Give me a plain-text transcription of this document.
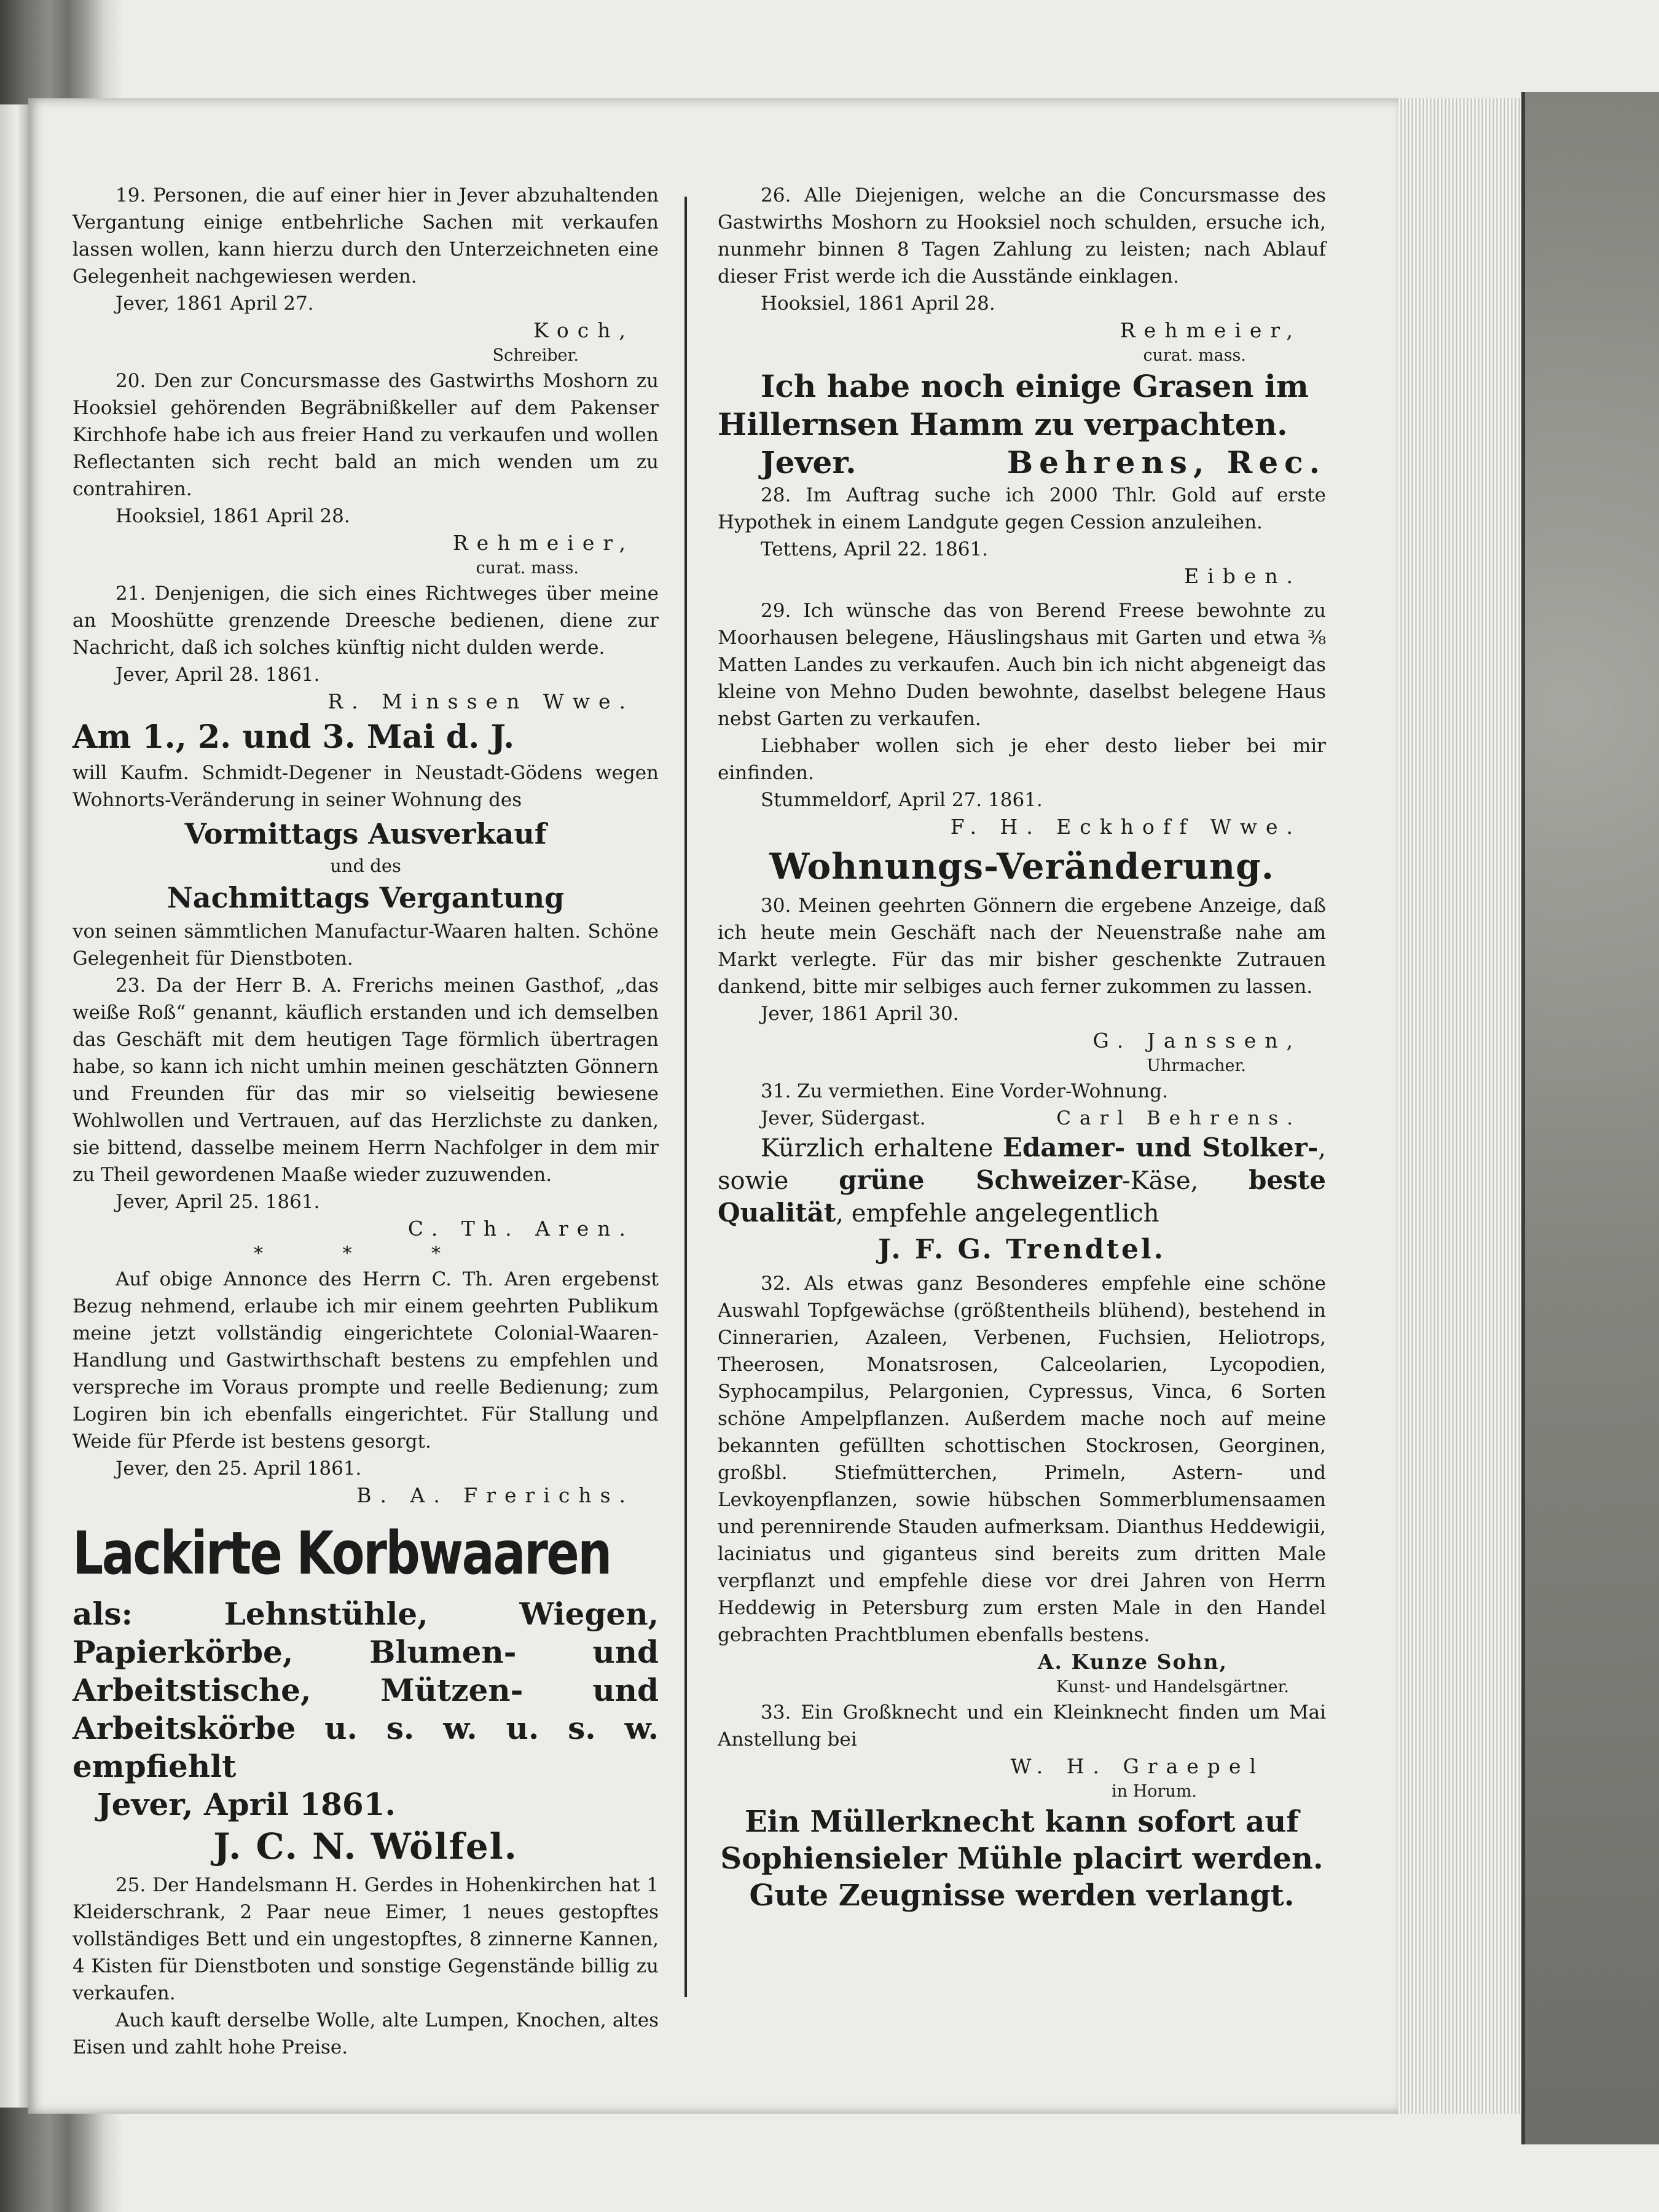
19. Personen, die auf einer hier in Jever abzuhaltenden Vergantung einige entbehrliche Sachen mit verkaufen lassen wollen, kann hierzu durch den Unterzeichneten eine Gelegenheit nachgewiesen werden.

Jever, 1861 April 27.

Koch,

Schreiber.

20. Den zur Concursmasse des Gastwirths Moshorn zu Hooksiel gehörenden Begräbnißkeller auf dem Pakenser Kirchhofe habe ich aus freier Hand zu verkaufen und wollen Reflectanten sich recht bald an mich wenden um zu contrahiren.

Hooksiel, 1861 April 28.

Rehmeier,

curat. mass.

21. Denjenigen, die sich eines Richtweges über meine an Mooshütte grenzende Dreesche bedienen, diene zur Nachricht, daß ich solches künftig nicht dulden werde.

Jever, April 28. 1861.

R. Minssen Wwe.

Am 1., 2. und 3. Mai d. J.

will Kaufm. Schmidt-Degener in Neustadt-Gödens wegen Wohnorts-Veränderung in seiner Wohnung des

Vormittags Ausverkauf

und des

Nachmittags Vergantung

von seinen sämmtlichen Manufactur-Waaren halten. Schöne Gelegenheit für Dienstboten.

23. Da der Herr B. A. Frerichs meinen Gasthof, „das weiße Roß“ genannt, käuflich erstanden und ich demselben das Geschäft mit dem heutigen Tage förmlich übertragen habe, so kann ich nicht umhin meinen geschätzten Gönnern und Freunden für das mir so vielseitig bewiesene Wohlwollen und Vertrauen, auf das Herzlichste zu danken, sie bittend, dasselbe meinem Herrn Nachfolger in dem mir zu Theil gewordenen Maaße wieder zuzuwenden.

Jever, April 25. 1861.

C. Th. Aren.

* * *

Auf obige Annonce des Herrn C. Th. Aren ergebenst Bezug nehmend, erlaube ich mir einem geehrten Publikum meine jetzt vollständig eingerichtete Colonial-Waaren-Handlung und Gastwirthschaft bestens zu empfehlen und verspreche im Voraus prompte und reelle Bedienung; zum Logiren bin ich ebenfalls eingerichtet. Für Stallung und Weide für Pferde ist bestens gesorgt.

Jever, den 25. April 1861.

B. A. Frerichs.

Lackirte Korbwaaren

als: Lehnstühle, Wiegen, Papierkörbe, Blumen- und Arbeitstische, Mützen- und Arbeitskörbe u. s. w. u. s. w. empfiehlt

Jever, April 1861.

J. C. N. Wölfel.

25. Der Handelsmann H. Gerdes in Hohenkirchen hat 1 Kleiderschrank, 2 Paar neue Eimer, 1 neues gestopftes vollständiges Bett und ein ungestopftes, 8 zinnerne Kannen, 4 Kisten für Dienstboten und sonstige Gegenstände billig zu verkaufen.

Auch kauft derselbe Wolle, alte Lumpen, Knochen, altes Eisen und zahlt hohe Preise.

26. Alle Diejenigen, welche an die Concursmasse des Gastwirths Moshorn zu Hooksiel noch schulden, ersuche ich, nunmehr binnen 8 Tagen Zahlung zu leisten; nach Ablauf dieser Frist werde ich die Ausstände einklagen.

Hooksiel, 1861 April 28.

Rehmeier,

curat. mass.

Ich habe noch einige Grasen im

Hillernsen Hamm zu verpachten.

Jever.	Behrens, Rec.

28. Im Auftrag suche ich 2000 Thlr. Gold auf erste Hypothek in einem Landgute gegen Cession anzuleihen.

Tettens, April 22. 1861.

Eiben.

29. Ich wünsche das von Berend Freese bewohnte zu Moorhausen belegene, Häuslingshaus mit Garten und etwa ⅜ Matten Landes zu verkaufen. Auch bin ich nicht abgeneigt das kleine von Mehno Duden bewohnte, daselbst belegene Haus nebst Garten zu verkaufen.

Liebhaber wollen sich je eher desto lieber bei mir einfinden.

Stummeldorf, April 27. 1861.

F. H. Eckhoff Wwe.

Wohnungs-Veränderung.

30. Meinen geehrten Gönnern die ergebene Anzeige, daß ich heute mein Geschäft nach der Neuenstraße nahe am Markt verlegte. Für das mir bisher geschenkte Zutrauen dankend, bitte mir selbiges auch ferner zukommen zu lassen.

Jever, 1861 April 30.

G. Janssen,

Uhrmacher.

31. Zu vermiethen. Eine Vorder-Wohnung.

Jever, Südergast.	Carl Behrens.

Kürzlich erhaltene Edamer- und Stolker-, sowie grüne Schweizer-Käse, beste Qualität, empfehle angelegentlich

J. F. G. Trendtel.

32. Als etwas ganz Besonderes empfehle eine schöne Auswahl Topfgewächse (größtentheils blühend), bestehend in Cinnerarien, Azaleen, Verbenen, Fuchsien, Heliotrops, Theerosen, Monatsrosen, Calceolarien, Lycopodien, Syphocampilus, Pelargonien, Cypressus, Vinca, 6 Sorten schöne Ampelpflanzen. Außerdem mache noch auf meine bekannten gefüllten schottischen Stockrosen, Georginen, großbl. Stiefmütterchen, Primeln, Astern- und Levkoyenpflanzen, sowie hübschen Sommerblumensaamen und perennirende Stauden aufmerksam. Dianthus Heddewigii, laciniatus und giganteus sind bereits zum dritten Male verpflanzt und empfehle diese vor drei Jahren von Herrn Heddewig in Petersburg zum ersten Male in den Handel gebrachten Prachtblumen ebenfalls bestens.

A. Kunze Sohn,

Kunst- und Handelsgärtner.

33. Ein Großknecht und ein Kleinknecht finden um Mai Anstellung bei

W. H. Graepel

in Horum.

Ein Müllerknecht kann sofort auf

Sophiensieler Mühle placirt werden.

Gute Zeugnisse werden verlangt.
